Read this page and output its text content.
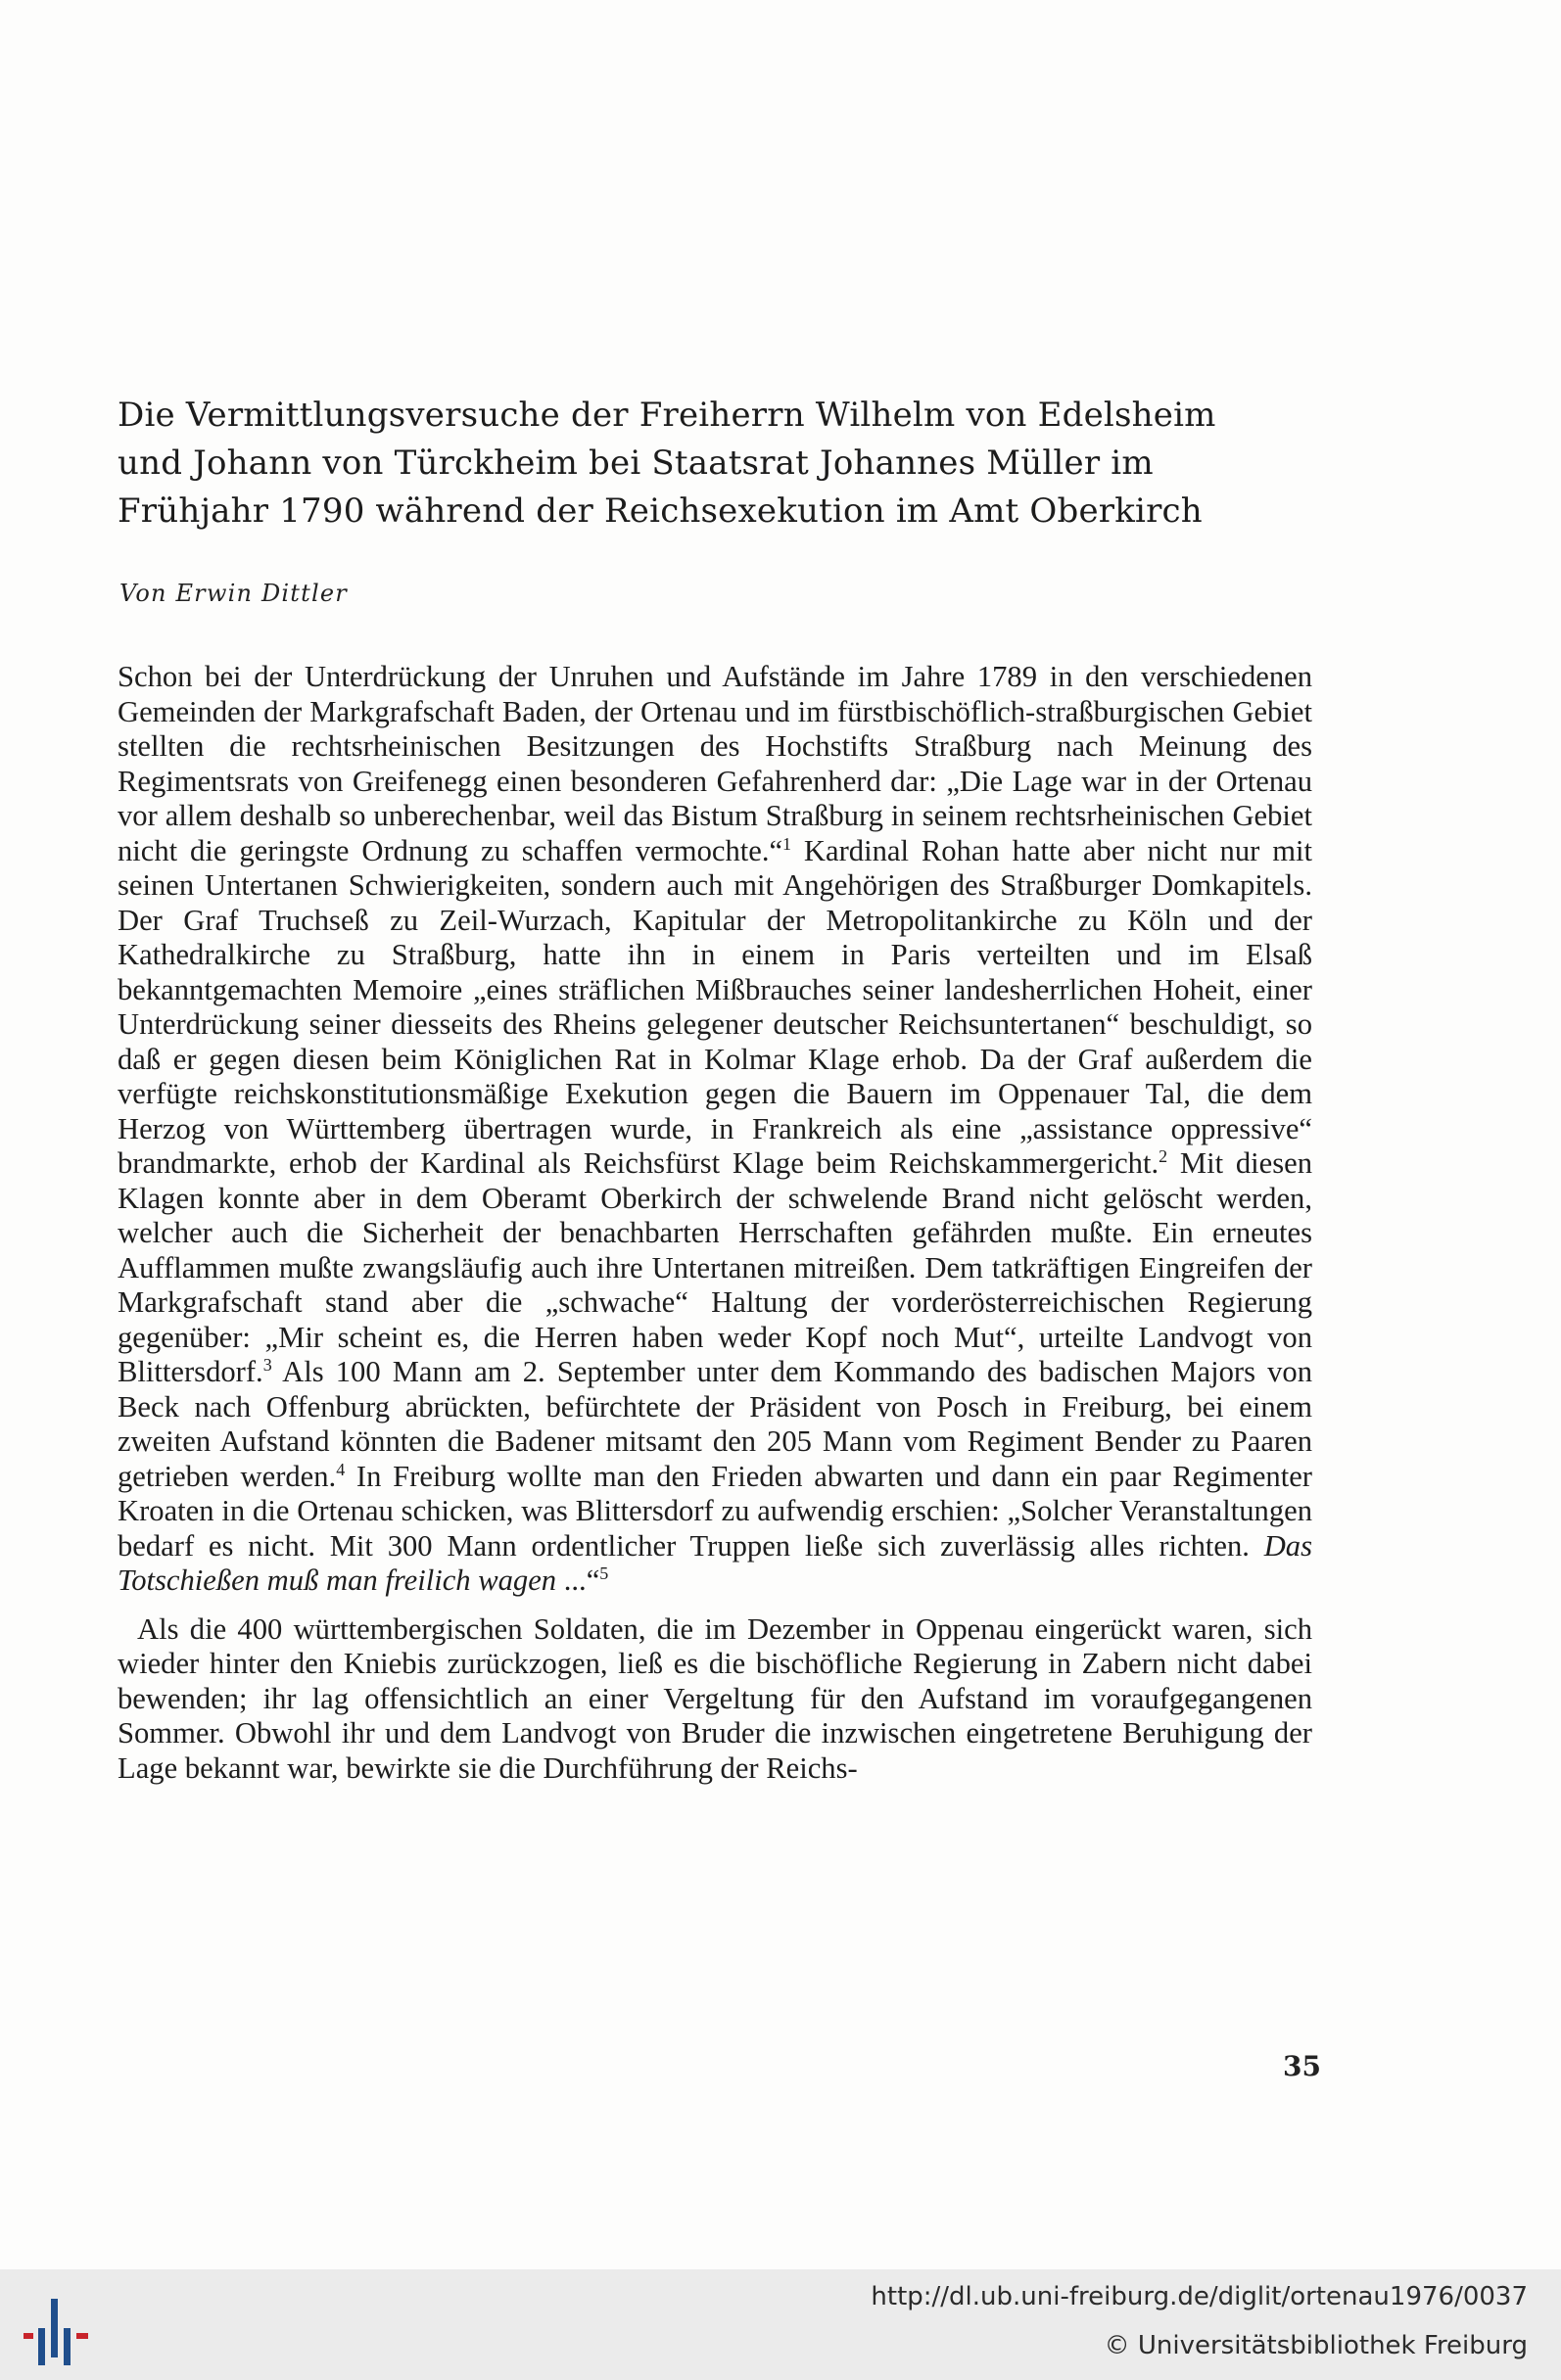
Die Vermittlungsversuche der Freiherrn Wilhelm von Edelsheim
und Johann von Türckheim bei Staatsrat Johannes Müller im
Frühjahr 1790 während der Reichsexekution im Amt Oberkirch
Von Erwin Dittler

Schon bei der Unterdrückung der Unruhen und Aufstände im Jahre 1789 in den verschiedenen Gemeinden der Markgrafschaft Baden, der Ortenau und im fürstbischöflich-straßburgischen Gebiet stellten die rechtsrheinischen Besitzungen des Hochstifts Straßburg nach Meinung des Regimentsrats von Greifenegg einen besonderen Gefahrenherd dar: „Die Lage war in der Ortenau vor allem deshalb so unberechenbar, weil das Bistum Straßburg in seinem rechtsrheinischen Gebiet nicht die geringste Ordnung zu schaffen vermochte.“$^1$ Kardinal Rohan hatte aber nicht nur mit seinen Untertanen Schwierigkeiten, sondern auch mit Angehörigen des Straßburger Domkapitels. Der Graf Truchseß zu Zeil-Wurzach, Kapitular der Metropolitankirche zu Köln und der Kathedralkirche zu Straßburg, hatte ihn in einem in Paris verteilten und im Elsaß bekanntgemachten Memoire „eines sträflichen Mißbrauches seiner landesherrlichen Hoheit, einer Unterdrückung seiner diesseits des Rheins gelegener deutscher Reichsuntertanen“ beschuldigt, so daß er gegen diesen beim Königlichen Rat in Kolmar Klage erhob. Da der Graf außerdem die verfügte reichskonstitutionsmäßige Exekution gegen die Bauern im Oppenauer Tal, die dem Herzog von Württemberg übertragen wurde, in Frankreich als eine „assistance oppressive“ brandmarkte, erhob der Kardinal als Reichsfürst Klage beim Reichskammergericht.$^2$ Mit diesen Klagen konnte aber in dem Oberamt Oberkirch der schwelende Brand nicht gelöscht werden, welcher auch die Sicherheit der benachbarten Herrschaften gefährden mußte. Ein erneutes Aufflammen mußte zwangsläufig auch ihre Untertanen mitreißen. Dem tatkräftigen Eingreifen der Markgrafschaft stand aber die „schwache“ Haltung der vorderösterreichischen Regierung gegenüber: „Mir scheint es, die Herren haben weder Kopf noch Mut“, urteilte Landvogt von Blittersdorf.$^3$ Als 100 Mann am 2. September unter dem Kommando des badischen Majors von Beck nach Offenburg abrückten, befürchtete der Präsident von Posch in Freiburg, bei einem zweiten Aufstand könnten die Badener mitsamt den 205 Mann vom Regiment Bender zu Paaren getrieben werden.$^4$ In Freiburg wollte man den Frieden abwarten und dann ein paar Regimenter Kroaten in die Ortenau schicken, was Blittersdorf zu aufwendig erschien: „Solcher Veranstaltungen bedarf es nicht. Mit 300 Mann ordentlicher Truppen ließe sich zuverlässig alles richten. Das Totschießen muß man freilich wagen ...“$^5$

Als die 400 württembergischen Soldaten, die im Dezember in Oppenau eingerückt waren, sich wieder hinter den Kniebis zurückzogen, ließ es die bischöfliche Regierung in Zabern nicht dabei bewenden; ihr lag offensichtlich an einer Vergeltung für den Aufstand im voraufgegangenen Sommer. Obwohl ihr und dem Landvogt von Bruder die inzwischen eingetretene Beruhigung der Lage bekannt war, bewirkte sie die Durchführung der Reichs-

35
http://dl.ub.uni-freiburg.de/diglit/ortenau1976/0037
© Universitätsbibliothek Freiburg
